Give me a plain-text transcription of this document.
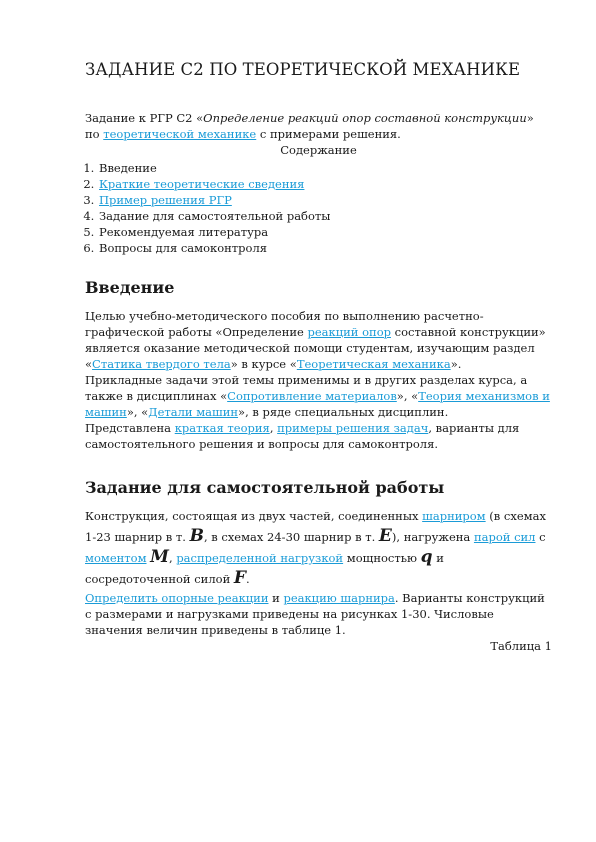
ЗАДАНИЕ С2 ПО ТЕОРЕТИЧЕСКОЙ МЕХАНИКЕ

Задание к РГР С2 «Определение реакций опор составной конструкции»

по теоретической механике с примерами решения.

Содержание

1. Введение
2. Краткие теоретические сведения
3. Пример решения РГР
4. Задание для самостоятельной работы
5. Рекомендуемая литература
6. Вопросы для самоконтроля
Введение

Целью учебно-методического пособия по выполнению расчетно-графической работы «Определение реакций опор составной конструкции» является оказание методической помощи студентам, изучающим раздел «Статика твердого тела» в курсе «Теоретическая механика».

Прикладные задачи этой темы применимы и в других разделах курса, а также в дисциплинах «Сопротивление материалов», «Теория механизмов и машин», «Детали машин», в ряде специальных дисциплин.

Представлена краткая теория, примеры решения задач, варианты для самостоятельного решения и вопросы для самоконтроля.

Задание для самостоятельной работы

Конструкция, состоящая из двух частей, соединенных шарниром (в схемах 1-23 шарнир в т. B, в схемах 24-30 шарнир в т. E), нагружена парой сил с моментом M, распределенной нагрузкой мощностью q и сосредоточенной силой F.

Определить опорные реакции и реакцию шарнира. Варианты конструкций с размерами и нагрузками приведены на рисунках 1-30. Числовые значения величин приведены в таблице 1.

Таблица 1
